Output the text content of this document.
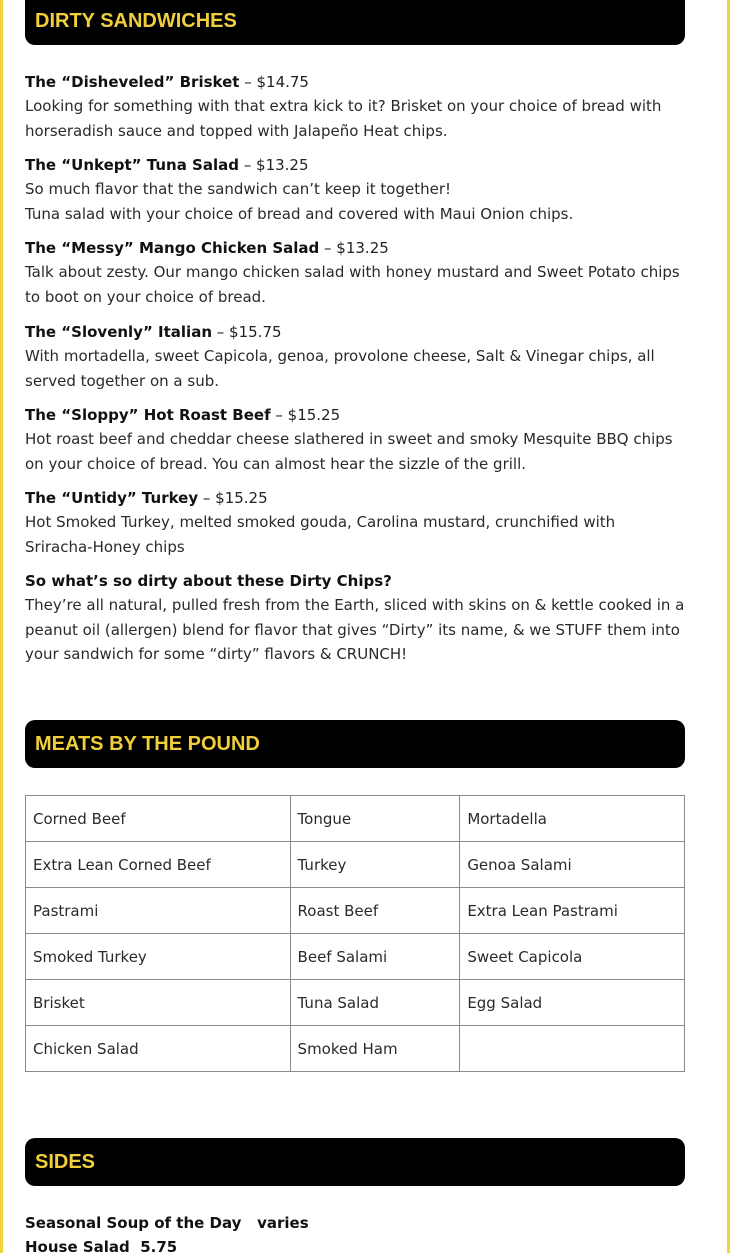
DIRTY SANDWICHES
The “Disheveled” Brisket – $14.75
Looking for something with that extra kick to it? Brisket on your choice of bread with horseradish sauce and topped with Jalapeño Heat chips.
The “Unkept” Tuna Salad – $13.25
So much flavor that the sandwich can’t keep it together!
Tuna salad with your choice of bread and covered with Maui Onion chips.
The “Messy” Mango Chicken Salad – $13.25
Talk about zesty. Our mango chicken salad with honey mustard and Sweet Potato chips to boot on your choice of bread.
The “Slovenly” Italian – $15.75
With mortadella, sweet Capicola, genoa, provolone cheese, Salt & Vinegar chips, all served together on a sub.
The “Sloppy” Hot Roast Beef – $15.25
Hot roast beef and cheddar cheese slathered in sweet and smoky Mesquite BBQ chips on your choice of bread. You can almost hear the sizzle of the grill.
The “Untidy” Turkey – $15.25
Hot Smoked Turkey, melted smoked gouda, Carolina mustard, crunchified with Sriracha-Honey chips
So what’s so dirty about these Dirty Chips?
They’re all natural, pulled fresh from the Earth, sliced with skins on & kettle cooked in a peanut oil (allergen) blend for flavor that gives “Dirty” its name, & we STUFF them into your sandwich for some “dirty” flavors & CRUNCH!
MEATS BY THE POUND
Corned Beef	Tongue	Mortadella
Extra Lean Corned Beef	Turkey	Genoa Salami
Pastrami	Roast Beef	Extra Lean Pastrami
Smoked Turkey	Beef Salami	Sweet Capicola
Brisket	Tuna Salad	Egg Salad
Chicken Salad	Smoked Ham	
SIDES
Seasonal Soup of the Day   varies
House Salad  5.75
